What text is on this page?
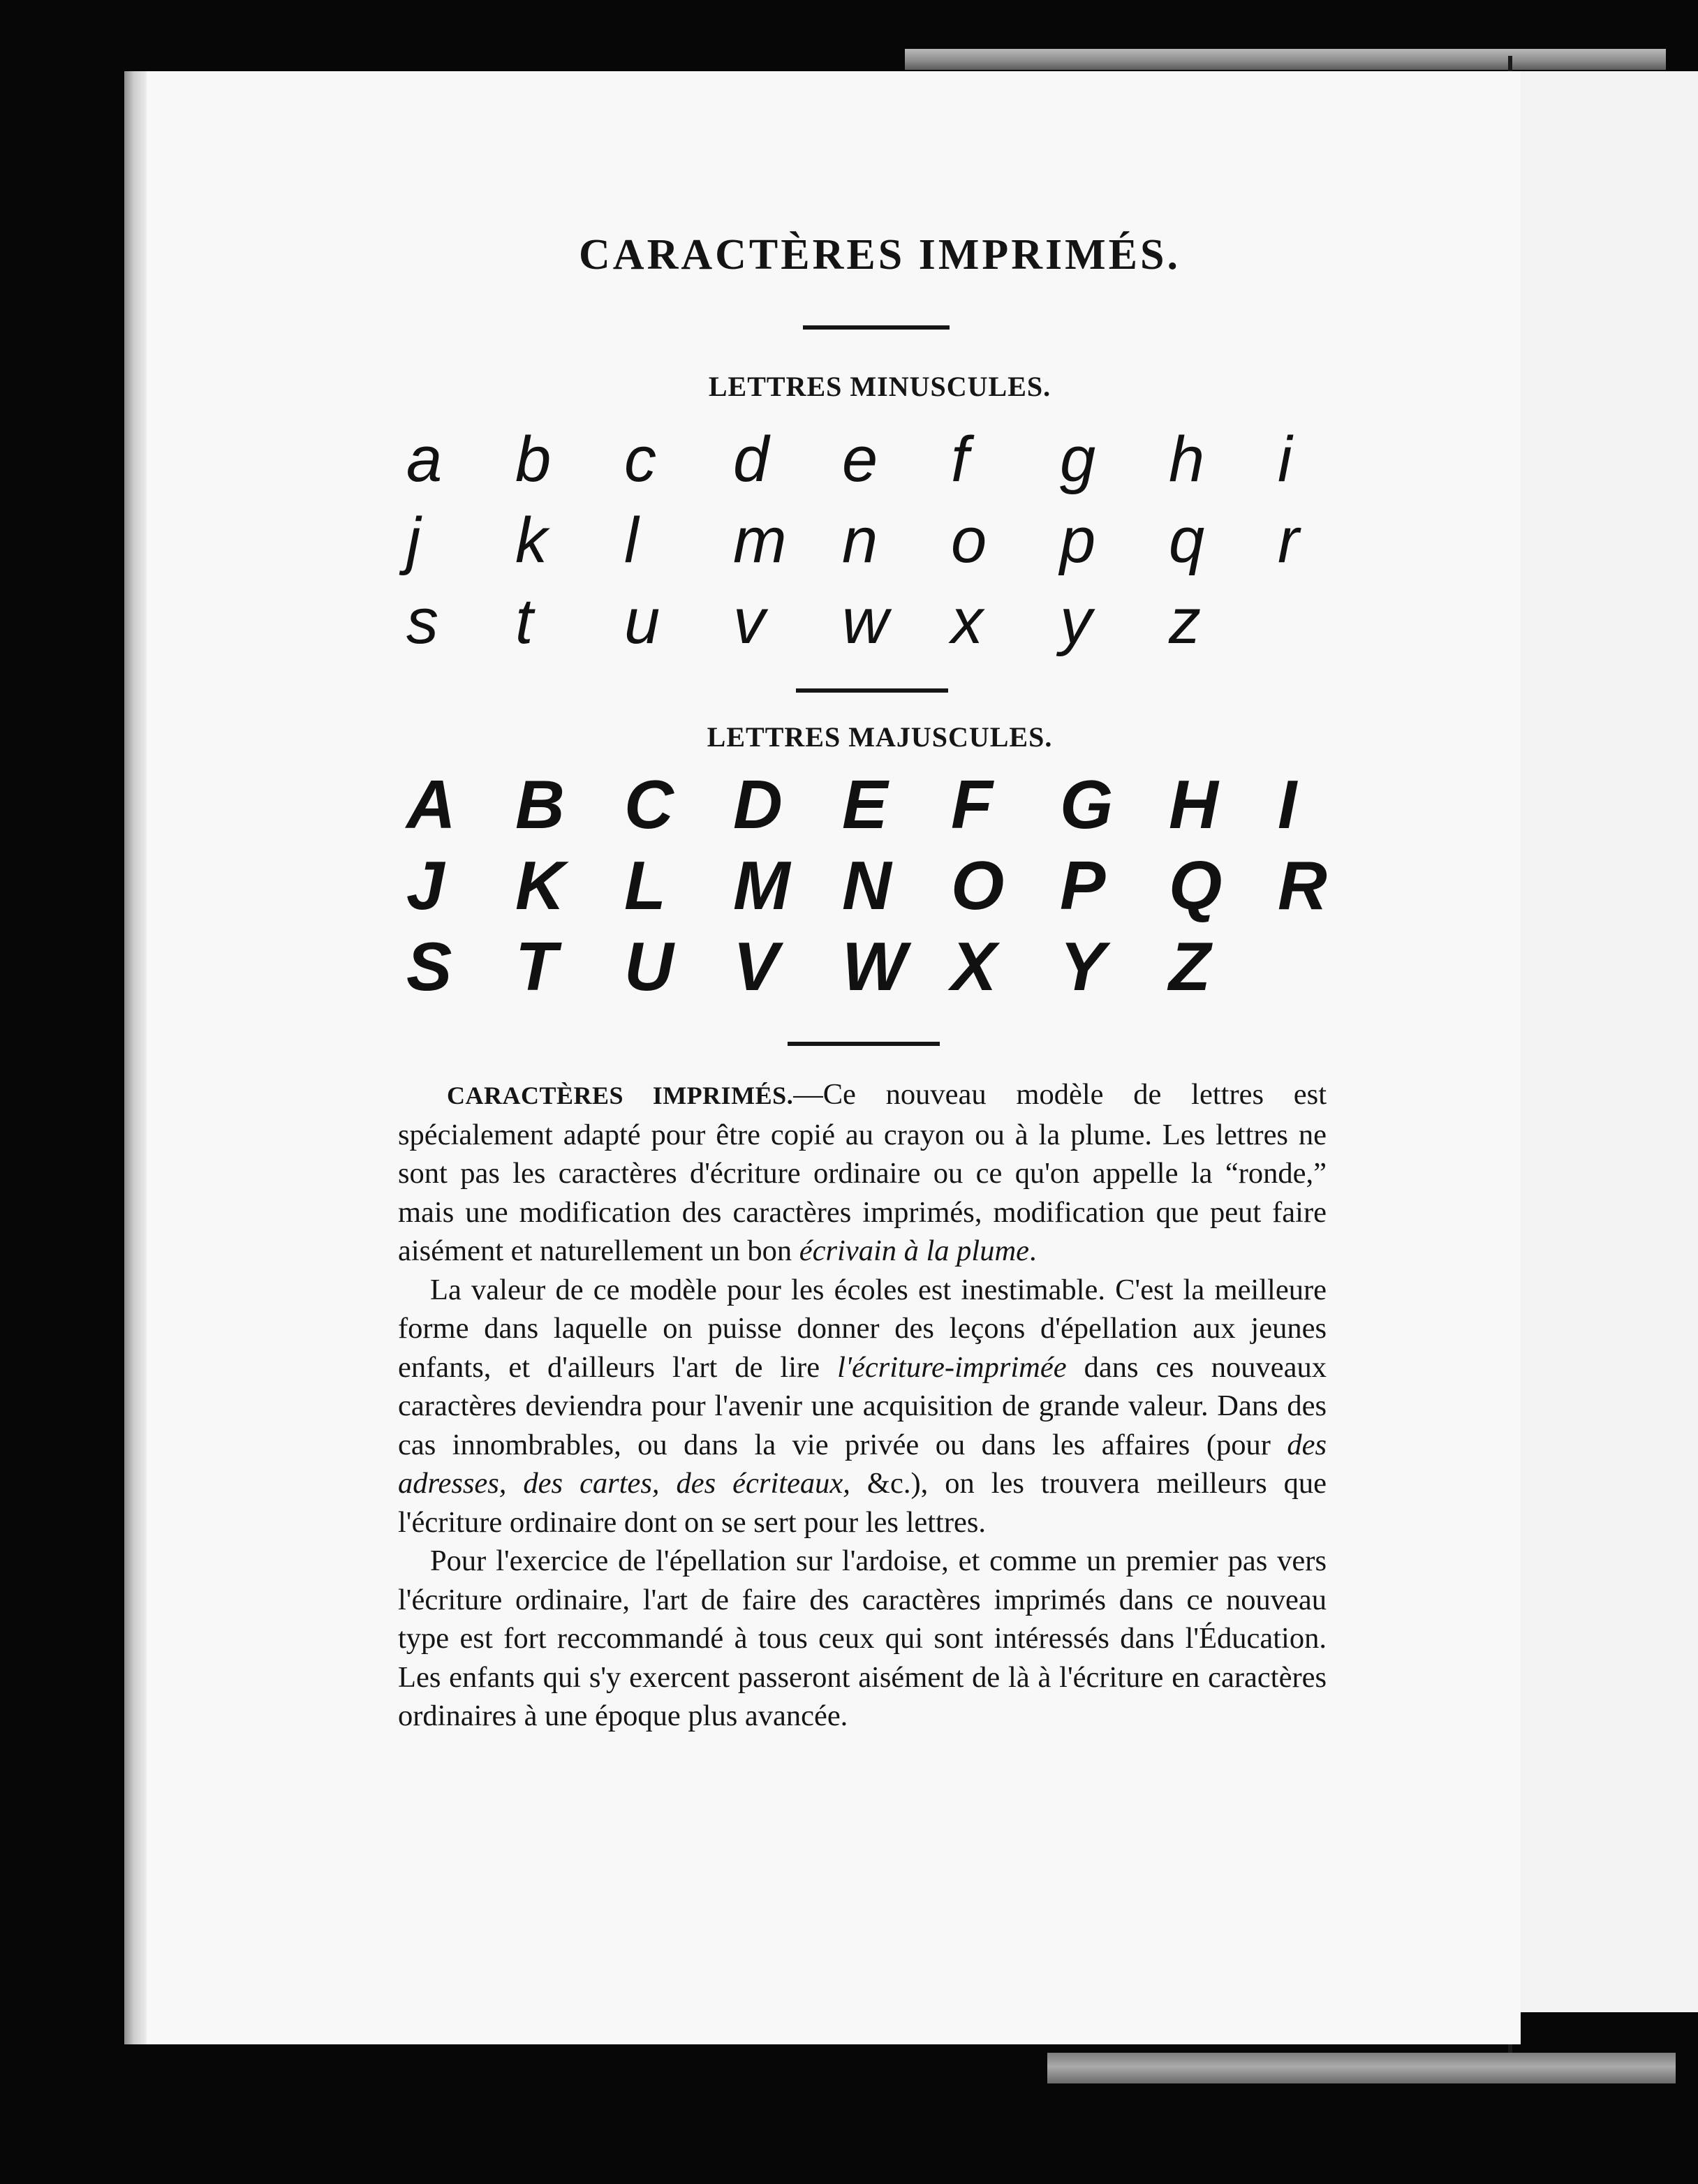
CARACTÈRES IMPRIMÉS.
LETTRES MINUSCULES.
a	b	c	d	e	f	g	h	i
j	k	l	m n	o	p	q	r
s	t	u	v	w x	y	z
LETTRES MAJUSCULES.
A B C D E F G H I
J	K L M N O P Q R
S T U V W X Y Z

CARACTÈRES IMPRIMÉS.—Ce nouveau modèle de lettres est spécialement adapté pour être copié au crayon ou à la plume. Les lettres ne sont pas les caractères d'écriture ordinaire ou ce qu'on appelle la “ronde,” mais une modification des caractères imprimés, modification que peut faire aisément et naturellement un bon écrivain à la plume.

La valeur de ce modèle pour les écoles est inestimable. C'est la meilleure forme dans laquelle on puisse donner des leçons d'épellation aux jeunes enfants, et d'ailleurs l'art de lire l'écriture-imprimée dans ces nouveaux caractères deviendra pour l'avenir une acquisition de grande valeur. Dans des cas innombrables, ou dans la vie privée ou dans les affaires (pour des adresses, des cartes, des écriteaux, &c.), on les trouvera meilleurs que l'écriture ordinaire dont on se sert pour les lettres.

Pour l'exercice de l'épellation sur l'ardoise, et comme un premier pas vers l'écriture ordinaire, l'art de faire des caractères imprimés dans ce nouveau type est fort reccommandé à tous ceux qui sont intéressés dans l'Éducation. Les enfants qui s'y exercent passeront aisément de là à l'écriture en caractères ordinaires à une époque plus avancée.
